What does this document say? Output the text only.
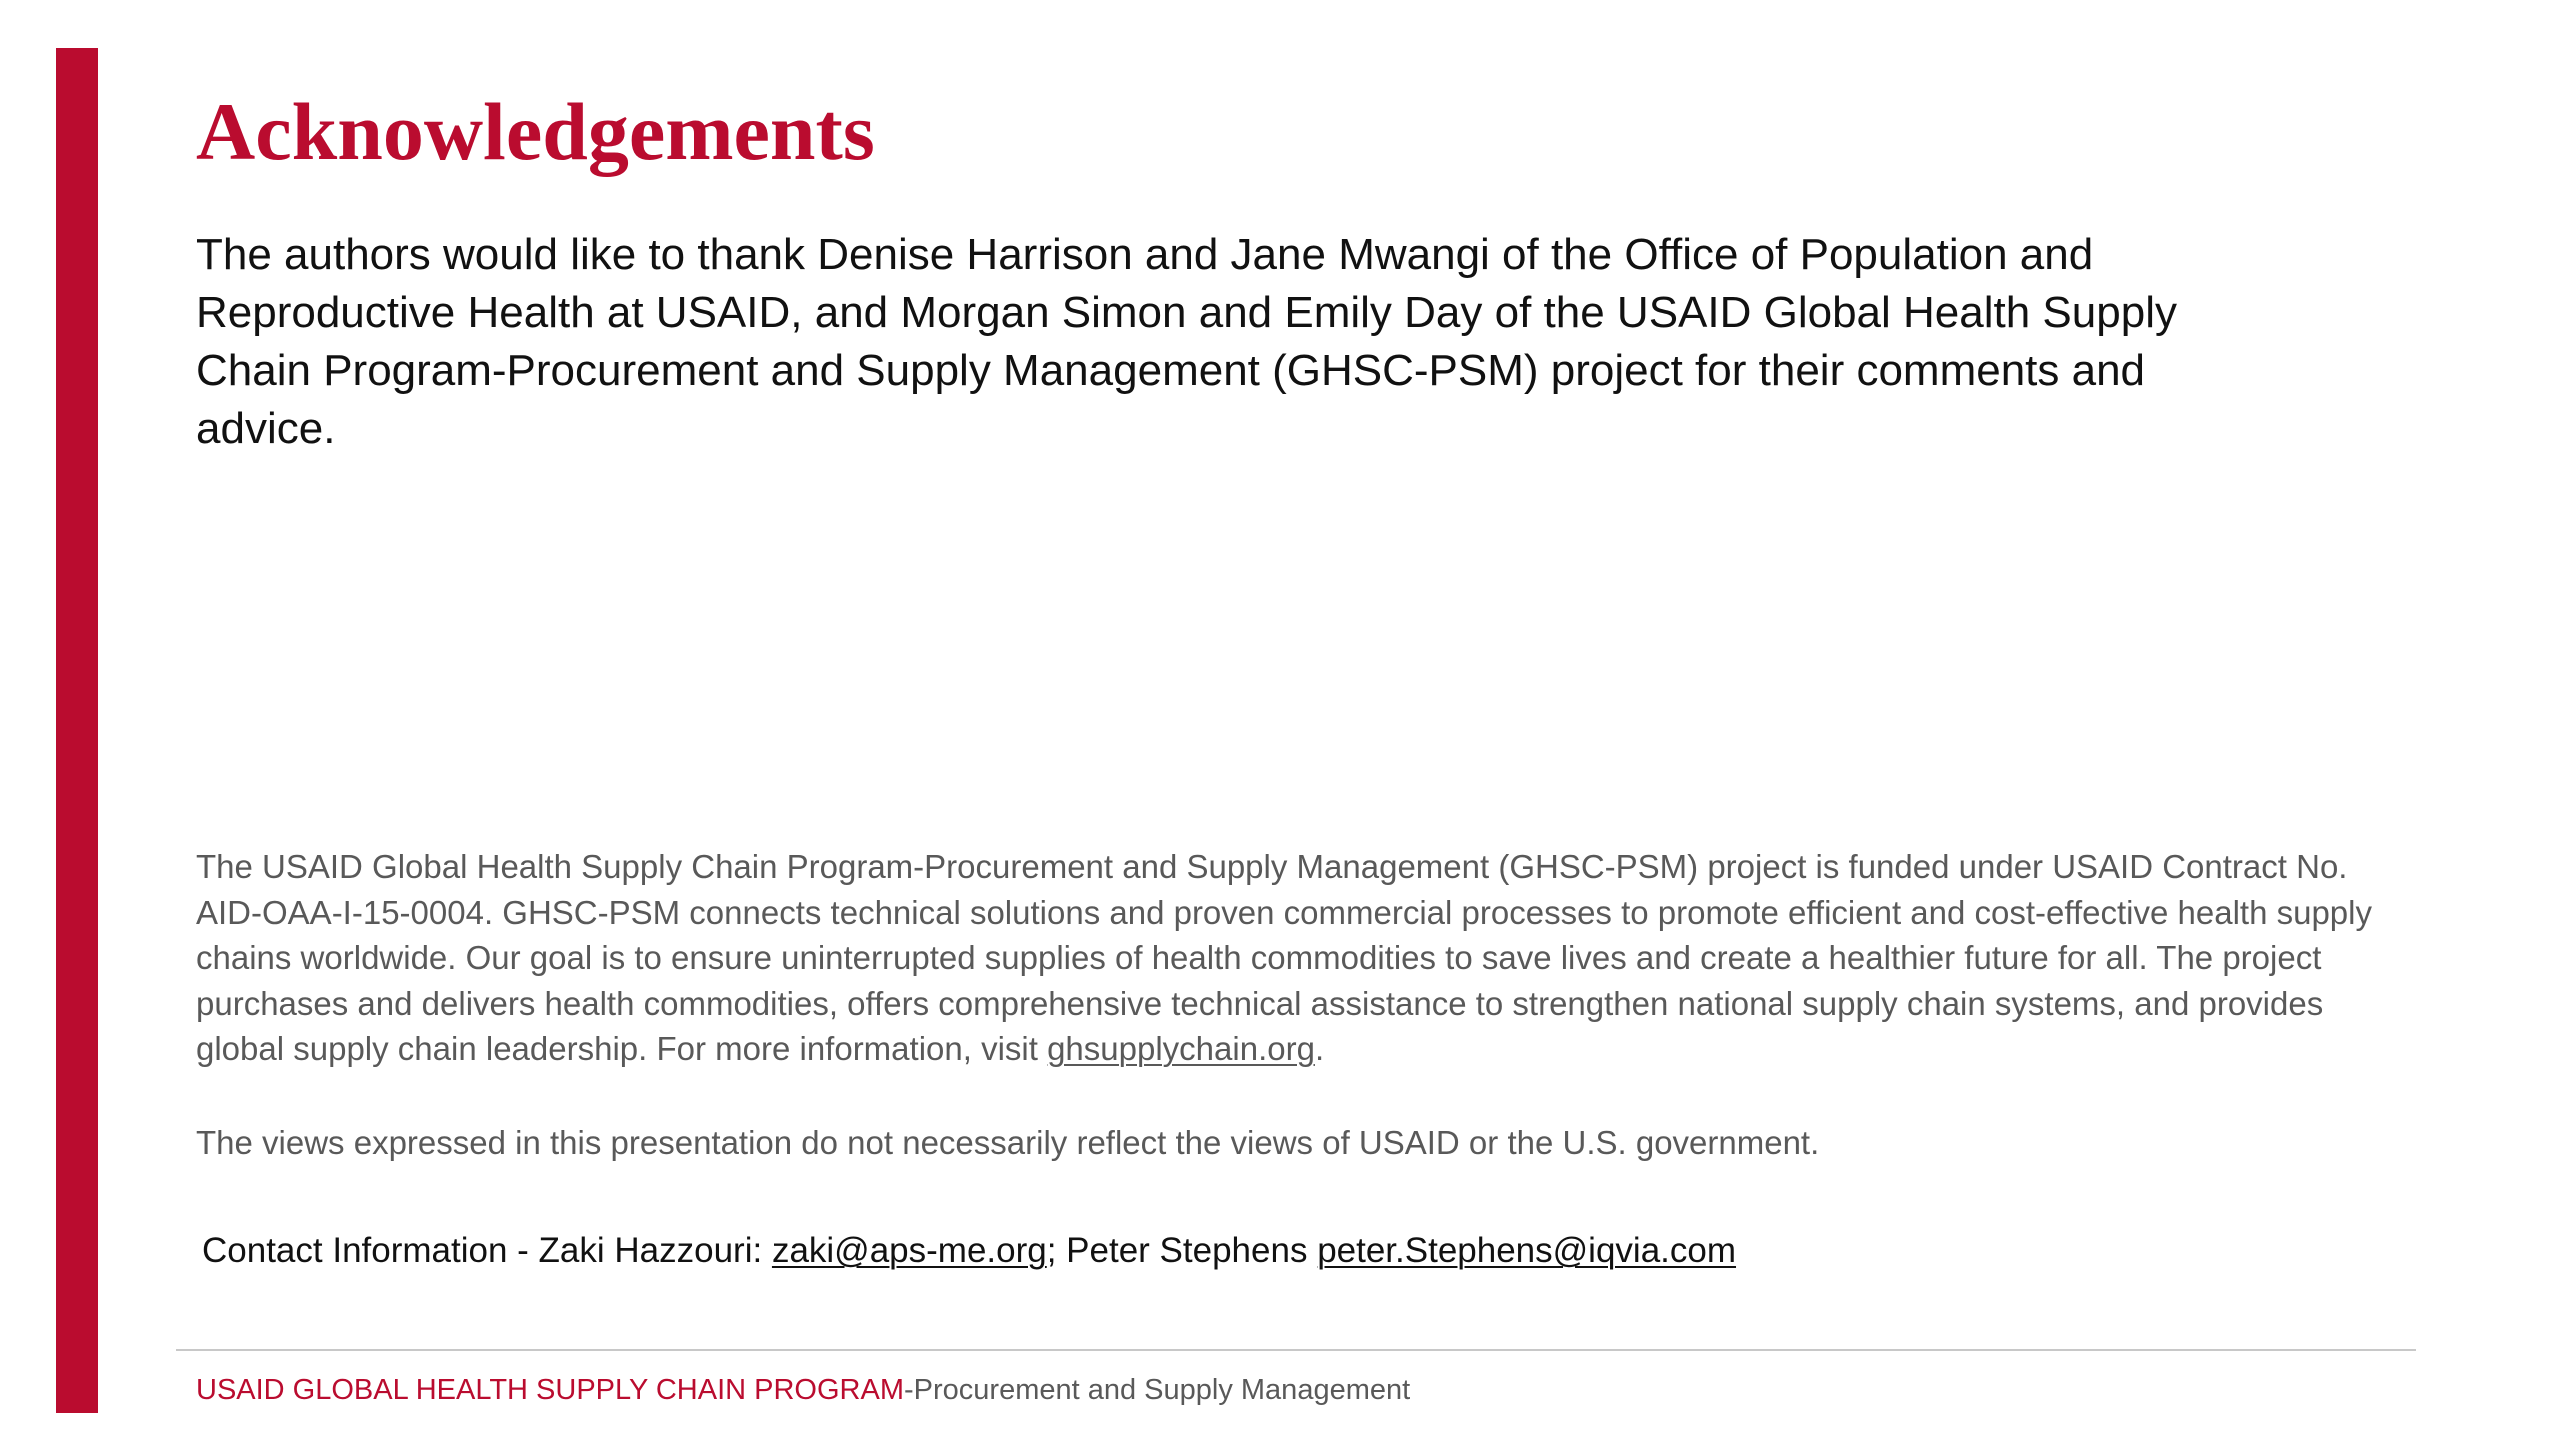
Acknowledgements

The authors would like to thank Denise Harrison and Jane Mwangi of the Office of Population and Reproductive Health at USAID, and Morgan Simon and Emily Day of the USAID Global Health Supply Chain Program-Procurement and Supply Management (GHSC-PSM) project for their comments and advice.

The USAID Global Health Supply Chain Program-Procurement and Supply Management (GHSC-PSM) project is funded under USAID Contract No. AID-OAA-I-15-0004. GHSC-PSM connects technical solutions and proven commercial processes to promote efficient and cost-effective health supply chains worldwide. Our goal is to ensure uninterrupted supplies of health commodities to save lives and create a healthier future for all. The project purchases and delivers health commodities, offers comprehensive technical assistance to strengthen national supply chain systems, and provides global supply chain leadership. For more information, visit ghsupplychain.org.

The views expressed in this presentation do not necessarily reflect the views of USAID or the U.S. government.

Contact Information - Zaki Hazzouri: zaki@aps-me.org; Peter Stephens peter.Stephens@iqvia.com

USAID GLOBAL HEALTH SUPPLY CHAIN PROGRAM-Procurement and Supply Management
